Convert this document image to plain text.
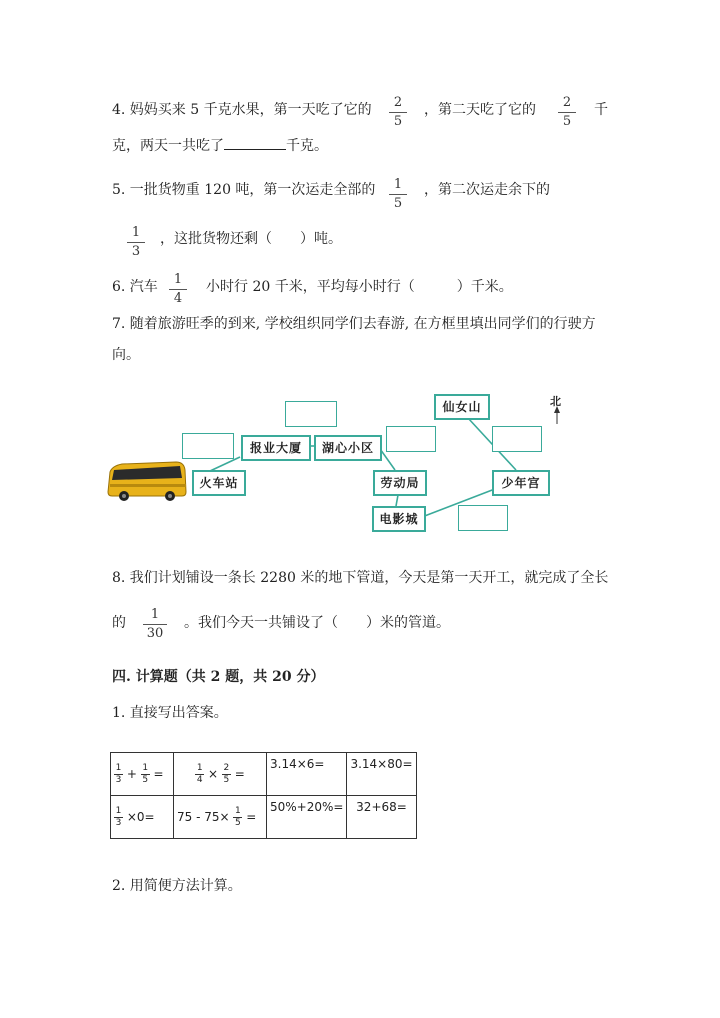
4. 妈妈买来 5 千克水果，第一天吃了它的	2
5
，第二天吃了它的	2
5
千
克，两天一共吃了	千克。
5. 一批货物重 120 吨，第一次运走全部的	1
5
，第二次运走余下的
1
3
，这批货物还剩（　　）吨。
6. 汽车	1
4
小时行 20 千米，平均每小时行（　　　）千米。
7. 随着旅游旺季的到来, 学校组织同学们去春游, 在方框里填出同学们的行驶方
向。
北
火车站
报业大厦	湖心小区
劳动局
电影城
仙女山
少年宫
8. 我们计划铺设一条长 2280 米的地下管道，今天是第一天开工，就完成了全长
的
1
30
。我们今天一共铺设了（　　）米的管道。
四. 计算题（共 2 题，共 20 分）
1. 直接写出答案。
$\frac{1}{3} + \frac{1}{5}$ =	$\frac{1}{4} \times \frac{2}{5}$ =	3.14×6=	3.14×80=
$\frac{1}{3} \times 0=$	$75 - 75\times \frac{1}{5}$ =	50%+20%=	32+68=
2. 用简便方法计算。
